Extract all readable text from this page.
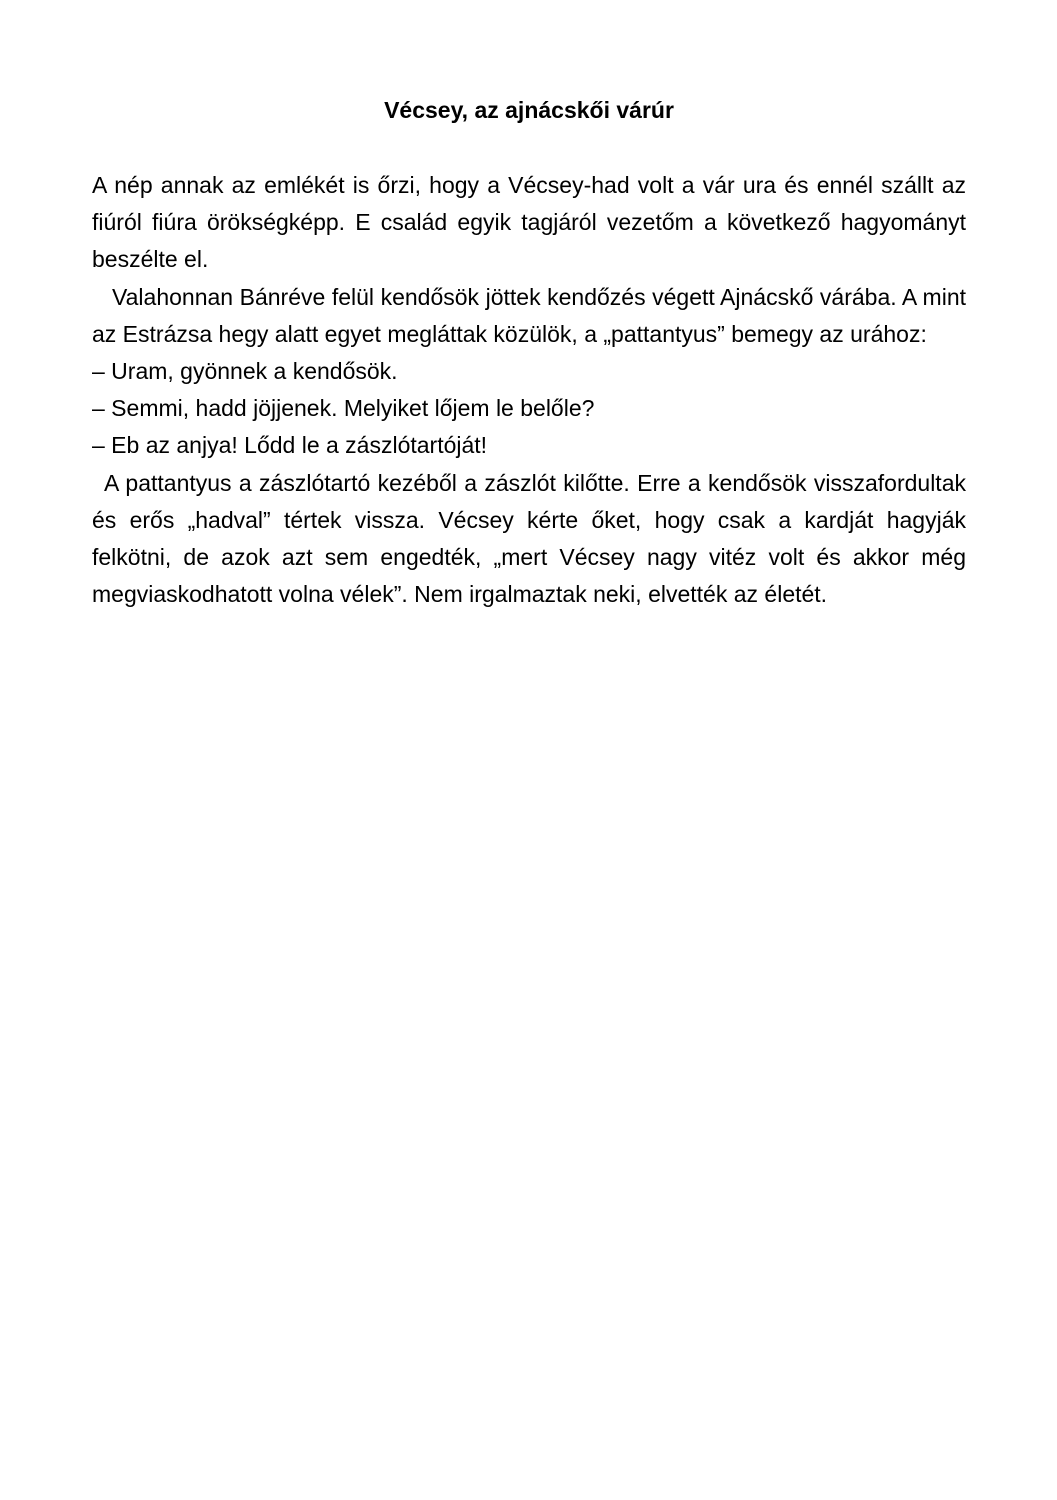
Vécsey, az ajnácskői várúr

A nép annak az emlékét is őrzi, hogy a Vécsey-had volt a vár ura és ennél szállt az fiúról fiúra örökségképp. E család egyik tagjáról vezetőm a következő hagyományt beszélte el.

Valahonnan Bánréve felül kendősök jöttek kendőzés végett Ajnácskő várába. A mint az Estrázsa hegy alatt egyet megláttak közülök, a „pattantyus” bemegy az urához:

– Uram, gyönnek a kendősök.

– Semmi, hadd jöjjenek. Melyiket lőjem le belőle?

– Eb az anjya! Lődd le a zászlótartóját!

A pattantyus a zászlótartó kezéből a zászlót kilőtte. Erre a kendősök visszafordultak és erős „hadval” tértek vissza. Vécsey kérte őket, hogy csak a kardját hagyják felkötni, de azok azt sem engedték, „mert Vécsey nagy vitéz volt és akkor még megviaskodhatott volna vélek”. Nem irgalmaztak neki, elvették az életét.
